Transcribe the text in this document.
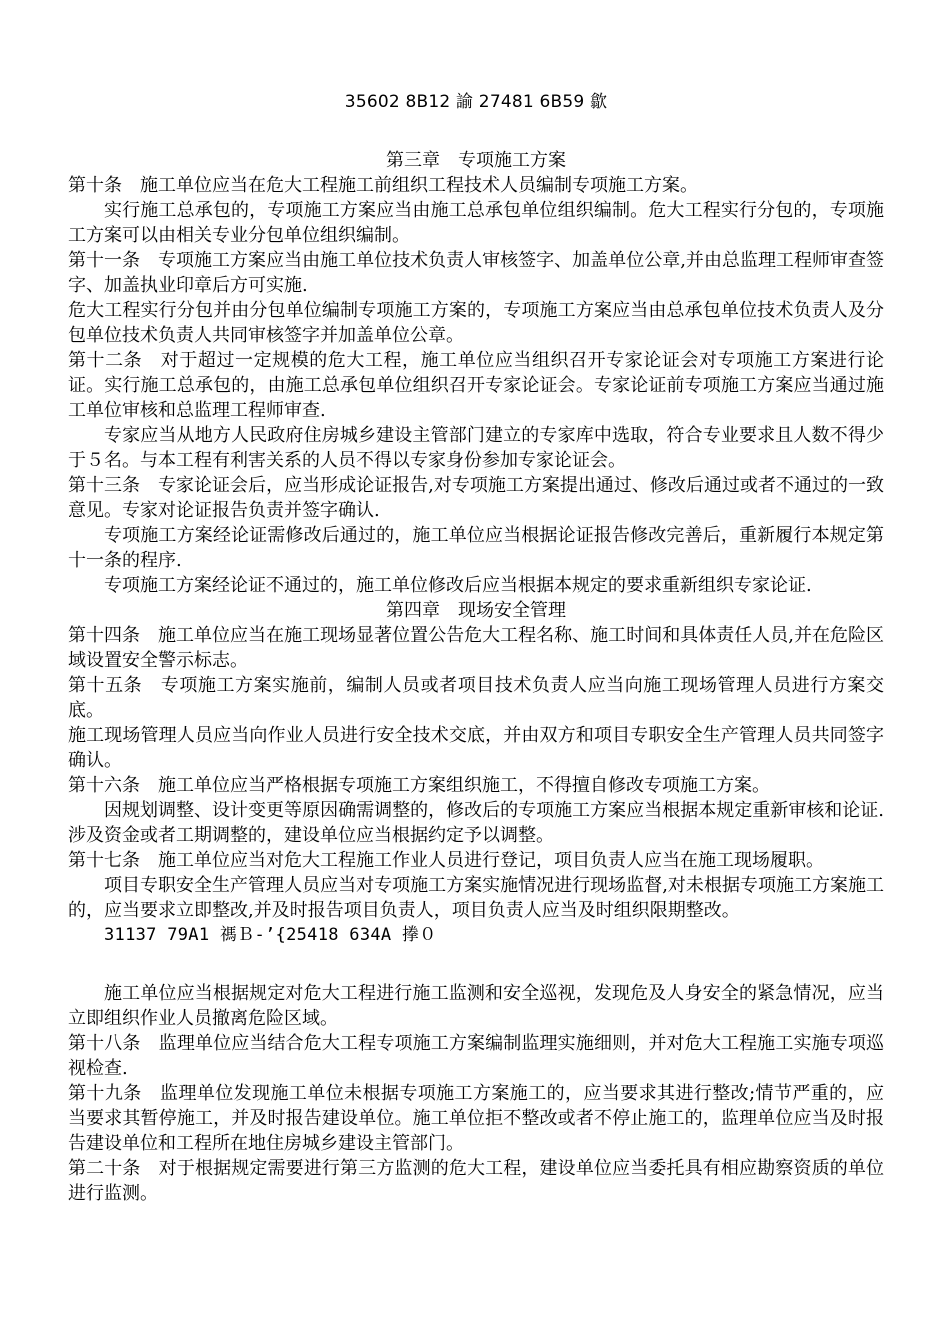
35602 8B12 諭 27481 6B59 歙

第三章　专项施工方案

第十条　施工单位应当在危大工程施工前组织工程技术人员编制专项施工方案。

实行施工总承包的，专项施工方案应当由施工总承包单位组织编制。危大工程实行分包的，专项施工方案可以由相关专业分包单位组织编制。

第十一条　专项施工方案应当由施工单位技术负责人审核签字、加盖单位公章,并由总监理工程师审查签字、加盖执业印章后方可实施.

危大工程实行分包并由分包单位编制专项施工方案的，专项施工方案应当由总承包单位技术负责人及分包单位技术负责人共同审核签字并加盖单位公章。

第十二条　对于超过一定规模的危大工程，施工单位应当组织召开专家论证会对专项施工方案进行论证。实行施工总承包的，由施工总承包单位组织召开专家论证会。专家论证前专项施工方案应当通过施工单位审核和总监理工程师审查.

专家应当从地方人民政府住房城乡建设主管部门建立的专家库中选取，符合专业要求且人数不得少于５名。与本工程有利害关系的人员不得以专家身份参加专家论证会。

第十三条　专家论证会后，应当形成论证报告,对专项施工方案提出通过、修改后通过或者不通过的一致意见。专家对论证报告负责并签字确认.

专项施工方案经论证需修改后通过的，施工单位应当根据论证报告修改完善后，重新履行本规定第十一条的程序.

专项施工方案经论证不通过的，施工单位修改后应当根据本规定的要求重新组织专家论证.

第四章　现场安全管理

第十四条　施工单位应当在施工现场显著位置公告危大工程名称、施工时间和具体责任人员,并在危险区域设置安全警示标志。

第十五条　专项施工方案实施前，编制人员或者项目技术负责人应当向施工现场管理人员进行方案交底。

施工现场管理人员应当向作业人员进行安全技术交底，并由双方和项目专职安全生产管理人员共同签字确认。

第十六条　施工单位应当严格根据专项施工方案组织施工，不得擅自修改专项施工方案。

因规划调整、设计变更等原因确需调整的，修改后的专项施工方案应当根据本规定重新审核和论证.涉及资金或者工期调整的，建设单位应当根据约定予以调整。

第十七条　施工单位应当对危大工程施工作业人员进行登记，项目负责人应当在施工现场履职。

项目专职安全生产管理人员应当对专项施工方案实施情况进行现场监督,对未根据专项施工方案施工的，应当要求立即整改,并及时报告项目负责人，项目负责人应当及时组织限期整改。

31137 79A1 禡Ｂ-’{25418 634A 搼０

施工单位应当根据规定对危大工程进行施工监测和安全巡视，发现危及人身安全的紧急情况，应当立即组织作业人员撤离危险区域。

第十八条　监理单位应当结合危大工程专项施工方案编制监理实施细则，并对危大工程施工实施专项巡视检查.

第十九条　监理单位发现施工单位未根据专项施工方案施工的，应当要求其进行整改;情节严重的，应当要求其暂停施工，并及时报告建设单位。施工单位拒不整改或者不停止施工的，监理单位应当及时报告建设单位和工程所在地住房城乡建设主管部门。

第二十条　对于根据规定需要进行第三方监测的危大工程，建设单位应当委托具有相应勘察资质的单位进行监测。
